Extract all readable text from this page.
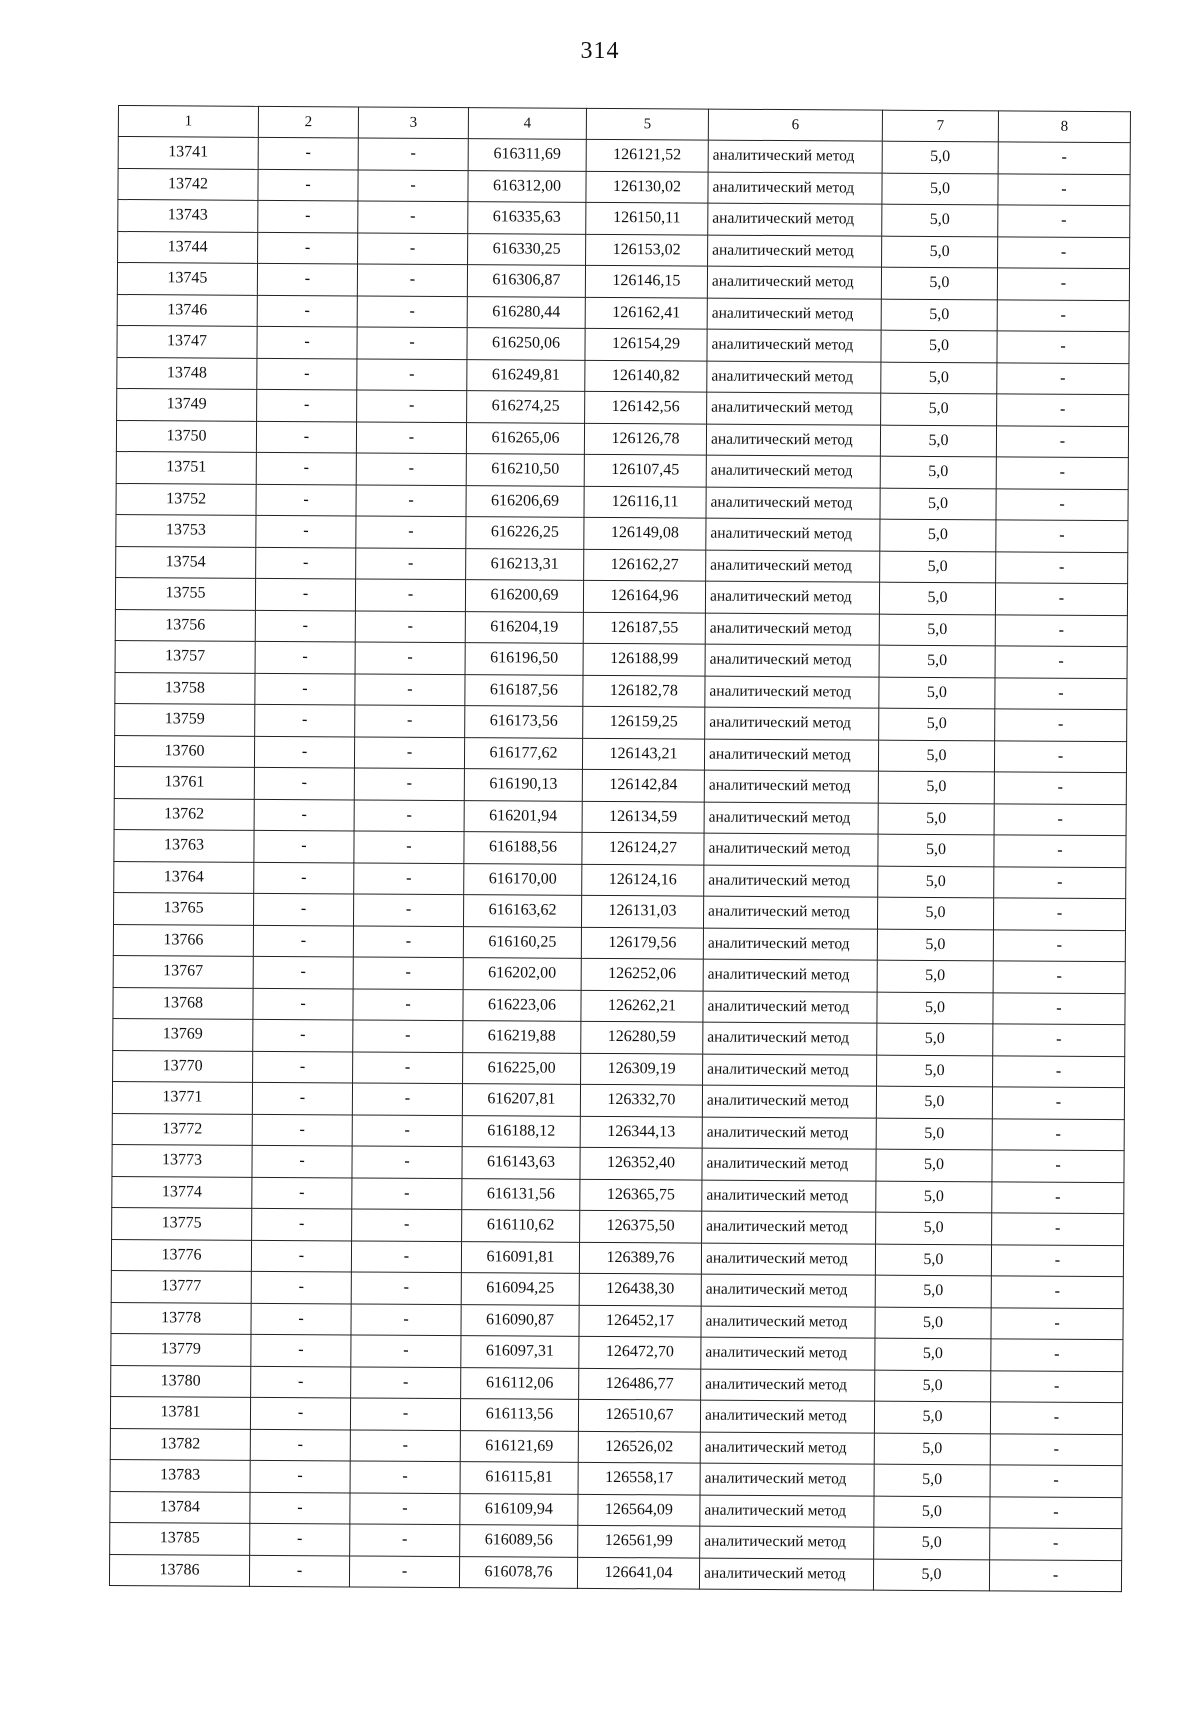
314
1	2	3	4	5	6	7	8
13741	-	-	616311,69	126121,52	аналитический метод	5,0	-
13742	-	-	616312,00	126130,02	аналитический метод	5,0	-
13743	-	-	616335,63	126150,11	аналитический метод	5,0	-
13744	-	-	616330,25	126153,02	аналитический метод	5,0	-
13745	-	-	616306,87	126146,15	аналитический метод	5,0	-
13746	-	-	616280,44	126162,41	аналитический метод	5,0	-
13747	-	-	616250,06	126154,29	аналитический метод	5,0	-
13748	-	-	616249,81	126140,82	аналитический метод	5,0	-
13749	-	-	616274,25	126142,56	аналитический метод	5,0	-
13750	-	-	616265,06	126126,78	аналитический метод	5,0	-
13751	-	-	616210,50	126107,45	аналитический метод	5,0	-
13752	-	-	616206,69	126116,11	аналитический метод	5,0	-
13753	-	-	616226,25	126149,08	аналитический метод	5,0	-
13754	-	-	616213,31	126162,27	аналитический метод	5,0	-
13755	-	-	616200,69	126164,96	аналитический метод	5,0	-
13756	-	-	616204,19	126187,55	аналитический метод	5,0	-
13757	-	-	616196,50	126188,99	аналитический метод	5,0	-
13758	-	-	616187,56	126182,78	аналитический метод	5,0	-
13759	-	-	616173,56	126159,25	аналитический метод	5,0	-
13760	-	-	616177,62	126143,21	аналитический метод	5,0	-
13761	-	-	616190,13	126142,84	аналитический метод	5,0	-
13762	-	-	616201,94	126134,59	аналитический метод	5,0	-
13763	-	-	616188,56	126124,27	аналитический метод	5,0	-
13764	-	-	616170,00	126124,16	аналитический метод	5,0	-
13765	-	-	616163,62	126131,03	аналитический метод	5,0	-
13766	-	-	616160,25	126179,56	аналитический метод	5,0	-
13767	-	-	616202,00	126252,06	аналитический метод	5,0	-
13768	-	-	616223,06	126262,21	аналитический метод	5,0	-
13769	-	-	616219,88	126280,59	аналитический метод	5,0	-
13770	-	-	616225,00	126309,19	аналитический метод	5,0	-
13771	-	-	616207,81	126332,70	аналитический метод	5,0	-
13772	-	-	616188,12	126344,13	аналитический метод	5,0	-
13773	-	-	616143,63	126352,40	аналитический метод	5,0	-
13774	-	-	616131,56	126365,75	аналитический метод	5,0	-
13775	-	-	616110,62	126375,50	аналитический метод	5,0	-
13776	-	-	616091,81	126389,76	аналитический метод	5,0	-
13777	-	-	616094,25	126438,30	аналитический метод	5,0	-
13778	-	-	616090,87	126452,17	аналитический метод	5,0	-
13779	-	-	616097,31	126472,70	аналитический метод	5,0	-
13780	-	-	616112,06	126486,77	аналитический метод	5,0	-
13781	-	-	616113,56	126510,67	аналитический метод	5,0	-
13782	-	-	616121,69	126526,02	аналитический метод	5,0	-
13783	-	-	616115,81	126558,17	аналитический метод	5,0	-
13784	-	-	616109,94	126564,09	аналитический метод	5,0	-
13785	-	-	616089,56	126561,99	аналитический метод	5,0	-
13786	-	-	616078,76	126641,04	аналитический метод	5,0	-
